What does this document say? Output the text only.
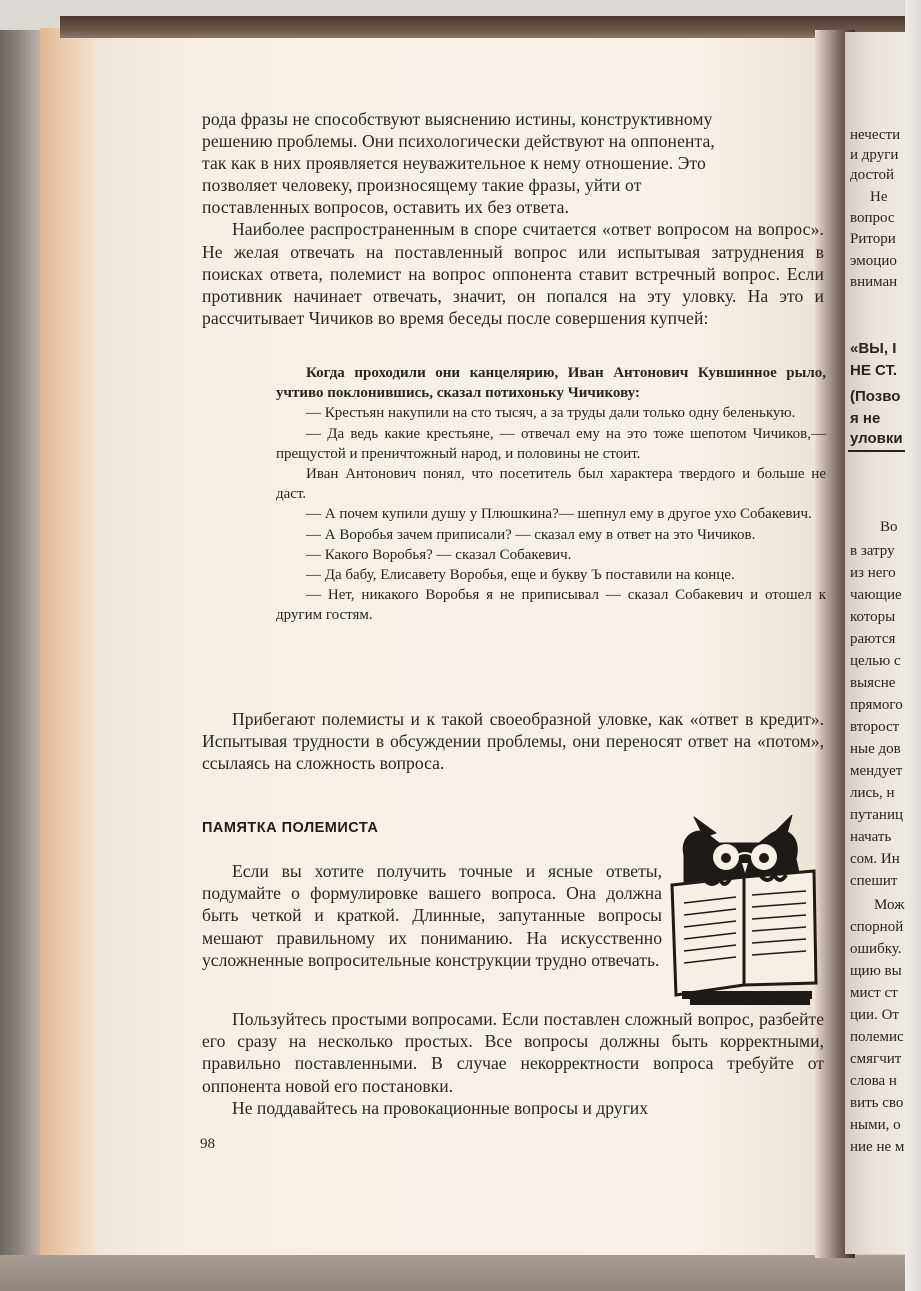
рода фразы не способствуют выяснению истины, конструктивному

решению проблемы. Они психологически действуют на оппонента,

так как в них проявляется неуважительное к нему отношение. Это

позволяет человеку, произносящему такие фразы, уйти от

поставленных вопросов, оставить их без ответа.

Наиболее распространенным в споре считается «ответ вопросом на вопрос». Не желая отвечать на поставленный вопрос или испытывая затруднения в поисках ответа, полемист на вопрос оппонента ставит встречный вопрос. Если противник начинает отвечать, значит, он попался на эту уловку. На это и рассчитывает Чичиков во время беседы после совершения купчей:

Когда проходили они канцелярию, Иван Антонович Кувшинное рыло, учтиво поклонившись, сказал потихоньку Чичикову:

— Крестьян накупили на сто тысяч, а за труды дали только одну беленькую.

— Да ведь какие крестьяне, — отвечал ему на это тоже шепотом Чичиков,— прещустой и преничтожный народ, и половины не стоит.

Иван Антонович понял, что посетитель был характера твердого и больше не даст.

— А почем купили душу у Плюшкина?— шепнул ему в другое ухо Собакевич.

— А Воробья зачем приписали? — сказал ему в ответ на это Чичиков.

— Какого Воробья? — сказал Собакевич.

— Да бабу, Елисавету Воробья, еще и букву Ъ поставили на конце.

— Нет, никакого Воробья я не приписывал — сказал Собакевич и отошел к другим гостям.

Прибегают полемисты и к такой своеобразной уловке, как «ответ в кредит». Испытывая трудности в обсуждении проблемы, они переносят ответ на «потом», ссылаясь на сложность вопроса.

ПАМЯТКА ПОЛЕМИСТА

Если вы хотите получить точные и ясные ответы, подумайте о формулировке вашего вопроса. Она должна быть четкой и краткой. Длинные, запутанные вопросы мешают правильному их пониманию. На искусственно усложненные вопросительные конструкции трудно отвечать.

Пользуйтесь простыми вопросами. Если поставлен сложный вопрос, разбейте его сразу на несколько простых. Все вопросы должны быть корректными, правильно поставленными. В случае некорректности вопроса требуйте от оппонента новой его постановки.

Не поддавайтесь на провокационные вопросы и других

98
нечести
и други
достой
Не
вопрос
Ритори
эмоцио
вниман
«ВЫ, I
НЕ СТ.
(Позво
я не
уловки
Во
в затру
из него
чающие
которы
раются
целью с
выясне
прямого
второст
ные дов
мендует
лись, н
путаниц
начать
сом. Ин
спешит
Мож
спорной
ошибку.
щию вы
мист ст
ции. От
полемис
смягчит
слова н
вить сво
ными, о
ние не м
